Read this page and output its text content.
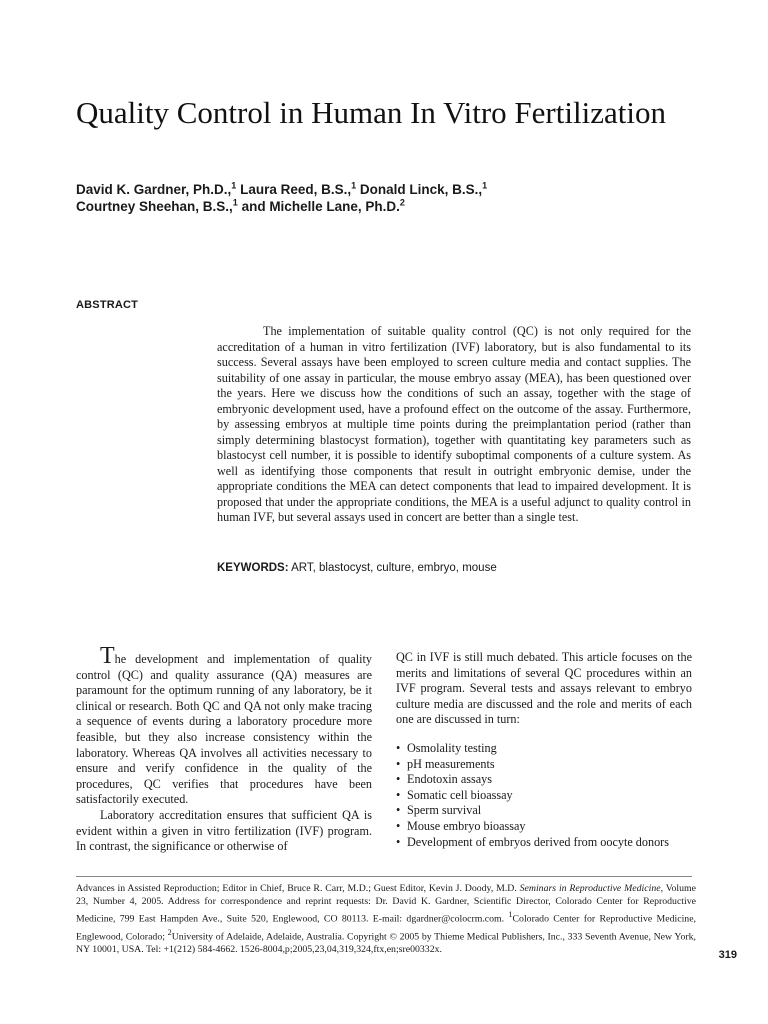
Quality Control in Human In Vitro Fertilization
David K. Gardner, Ph.D.,$^1$ Laura Reed, B.S.,$^1$ Donald Linck, B.S.,$^1$
Courtney Sheehan, B.S.,$^1$ and Michelle Lane, Ph.D.$^2$
ABSTRACT

The implementation of suitable quality control (QC) is not only required for the accreditation of a human in vitro fertilization (IVF) laboratory, but is also fundamental to its success. Several assays have been employed to screen culture media and contact supplies. The suitability of one assay in particular, the mouse embryo assay (MEA), has been questioned over the years. Here we discuss how the conditions of such an assay, together with the stage of embryonic development used, have a profound effect on the outcome of the assay. Furthermore, by assessing embryos at multiple time points during the preimplantation period (rather than simply determining blastocyst formation), together with quantitating key parameters such as blastocyst cell number, it is possible to identify suboptimal components of a culture system. As well as identifying those components that result in outright embryonic demise, under the appropriate conditions the MEA can detect components that lead to impaired development. It is proposed that under the appropriate conditions, the MEA is a useful adjunct to quality control in human IVF, but several assays used in concert are better than a single test.

KEYWORDS: ART, blastocyst, culture, embryo, mouse

The development and implementation of quality control (QC) and quality assurance (QA) measures are paramount for the optimum running of any laboratory, be it clinical or research. Both QC and QA not only make tracing a sequence of events during a laboratory procedure more feasible, but they also increase consistency within the laboratory. Whereas QA involves all activities necessary to ensure and verify confidence in the quality of the procedures, QC verifies that procedures have been satisfactorily executed.

Laboratory accreditation ensures that sufficient QA is evident within a given in vitro fertilization (IVF) program. In contrast, the significance or otherwise of

QC in IVF is still much debated. This article focuses on the merits and limitations of several QC procedures within an IVF program. Several tests and assays relevant to embryo culture media are discussed and the role and merits of each one are discussed in turn:

• Osmolality testing
• pH measurements
• Endotoxin assays
• Somatic cell bioassay
• Sperm survival
• Mouse embryo bioassay
• Development of embryos derived from oocyte donors
Advances in Assisted Reproduction; Editor in Chief, Bruce R. Carr, M.D.; Guest Editor, Kevin J. Doody, M.D. Seminars in Reproductive Medicine, Volume 23, Number 4, 2005. Address for correspondence and reprint requests: Dr. David K. Gardner, Scientific Director, Colorado Center for Reproductive Medicine, 799 East Hampden Ave., Suite 520, Englewood, CO 80113. E-mail: dgardner@colocrm.com. $^1$Colorado Center for Reproductive Medicine, Englewood, Colorado; $^2$University of Adelaide, Adelaide, Australia. Copyright © 2005 by Thieme Medical Publishers, Inc., 333 Seventh Avenue, New York, NY 10001, USA. Tel: +1(212) 584-4662. 1526-8004,p;2005,23,04,319,324,ftx,en;sre00332x.	319
